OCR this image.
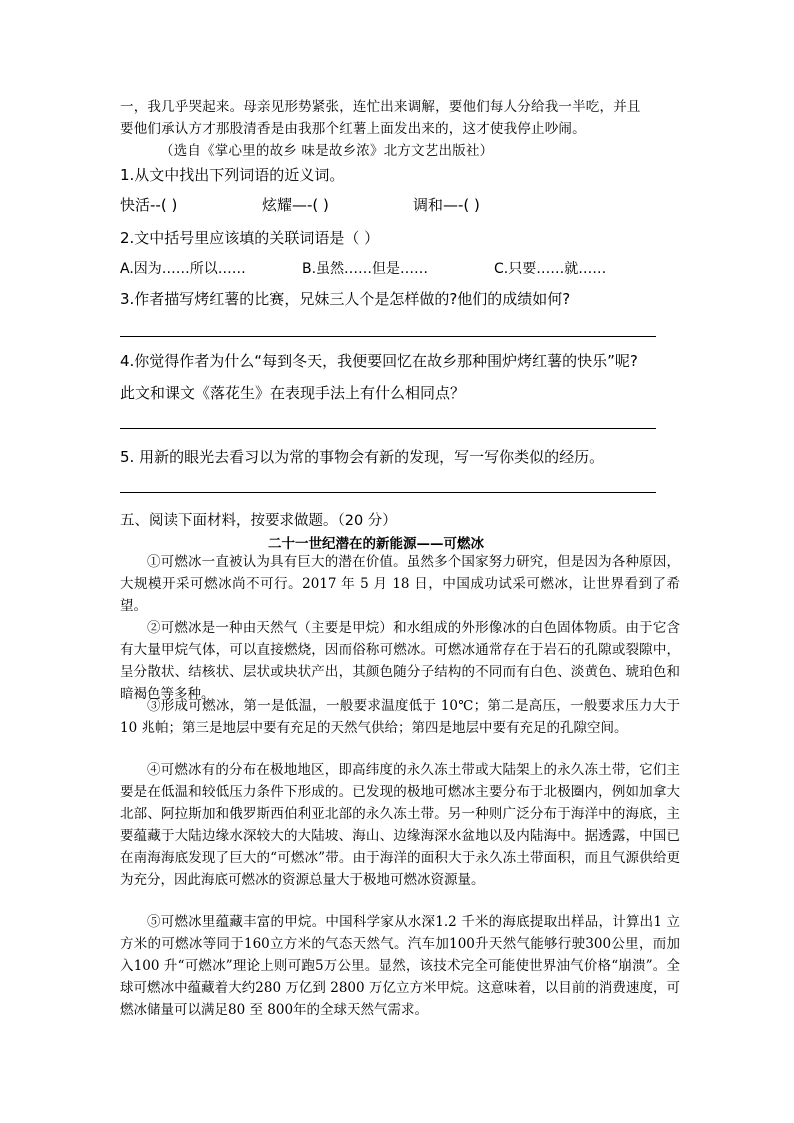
一，我几乎哭起来。母亲见形势紧张，连忙出来调解，要他们每人分给我一半吃，并且
要他们承认方才那股清香是由我那个红薯上面发出来的，这才使我停止吵闹。
（选自《掌心里的故乡 味是故乡浓》北方文艺出版社）
1.从文中找出下列词语的近义词。
快活--( )	炫耀—-( )	调和—-( )
2.文中括号里应该填的关联词语是（ ）
A.因为……所以……	B.虽然……但是……	C.只要……就……
3.作者描写烤红薯的比赛，兄妹三人个是怎样做的?他们的成绩如何?
4.你觉得作者为什么“每到冬天，我便要回忆在故乡那种围炉烤红薯的快乐”呢?
此文和课文《落花生》在表现手法上有什么相同点？
5. 用新的眼光去看习以为常的事物会有新的发现，写一写你类似的经历。
五、阅读下面材料，按要求做题。（20 分）
二十一世纪潜在的新能源——可燃冰
①可燃冰一直被认为具有巨大的潜在价值。虽然多个国家努力研究，但是因为各种原因，大规模开采可燃冰尚不可行。2017 年 5 月 18 日，中国成功试采可燃冰，让世界看到了希望。
②可燃冰是一种由天然气（主要是甲烷）和水组成的外形像冰的白色固体物质。由于它含有大量甲烷气体，可以直接燃烧，因而俗称可燃冰。可燃冰通常存在于岩石的孔隙或裂隙中，呈分散状、结核状、层状或块状产出，其颜色随分子结构的不同而有白色、淡黄色、琥珀色和暗褐色等多种。
③形成可燃冰，第一是低温，一般要求温度低于 10℃；第二是高压，一般要求压力大于 10 兆帕；第三是地层中要有充足的天然气供给；第四是地层中要有充足的孔隙空间。
④可燃冰有的分布在极地地区，即高纬度的永久冻土带或大陆架上的永久冻土带，它们主要是在低温和较低压力条件下形成的。已发现的极地可燃冰主要分布于北极圈内，例如加拿大北部、阿拉斯加和俄罗斯西伯利亚北部的永久冻土带。另一种则广泛分布于海洋中的海底，主要蕴藏于大陆边缘水深较大的大陆坡、海山、边缘海深水盆地以及内陆海中。据透露，中国已在南海海底发现了巨大的“可燃冰”带。由于海洋的面积大于永久冻土带面积，而且气源供给更为充分，因此海底可燃冰的资源总量大于极地可燃冰资源量。
⑤可燃冰里蕴藏丰富的甲烷。中国科学家从水深1.2 千米的海底提取出样品，计算出1 立方米的可燃冰等同于160立方米的气态天然气。汽车加100升天然气能够行驶300公里，而加入100 升“可燃冰”理论上则可跑5万公里。显然，该技术完全可能使世界油气价格“崩溃”。全球可燃冰中蕴藏着大约280 万亿到 2800 万亿立方米甲烷。这意味着，以目前的消费速度，可燃冰储量可以满足80 至 800年的全球天然气需求。
